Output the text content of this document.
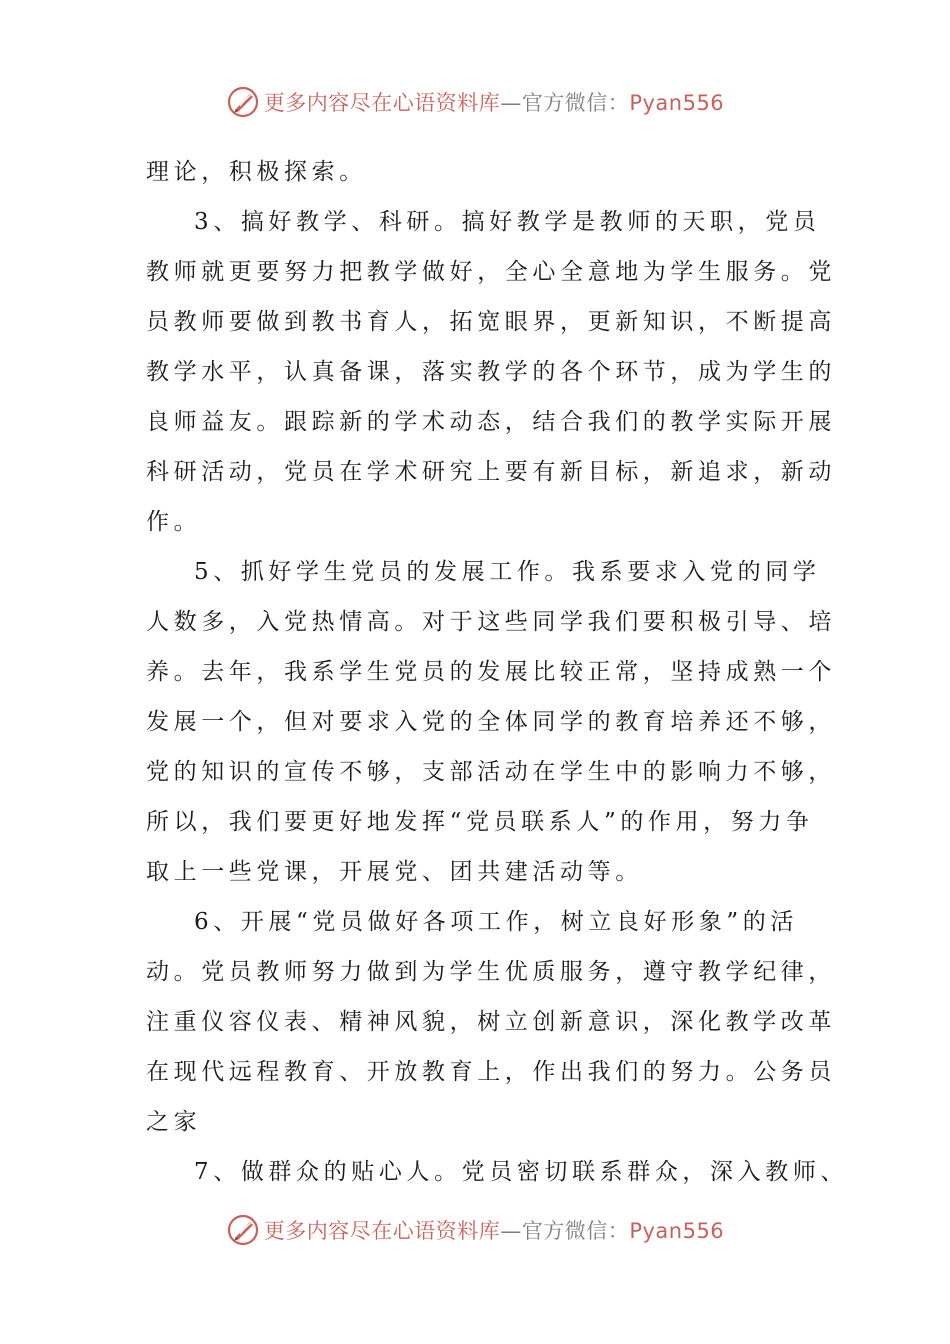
更多内容尽在心语资料库—官方微信：Pyan556
理论，积极探索。
3、搞好教学、科研。搞好教学是教师的天职，党员
教师就更要努力把教学做好，全心全意地为学生服务。党
员教师要做到教书育人，拓宽眼界，更新知识，不断提高
教学水平，认真备课，落实教学的各个环节，成为学生的
良师益友。跟踪新的学术动态，结合我们的教学实际开展
科研活动，党员在学术研究上要有新目标，新追求，新动
作。
5、抓好学生党员的发展工作。我系要求入党的同学
人数多，入党热情高。对于这些同学我们要积极引导、培
养。去年，我系学生党员的发展比较正常，坚持成熟一个
发展一个，但对要求入党的全体同学的教育培养还不够，
党的知识的宣传不够，支部活动在学生中的影响力不够，
所以，我们要更好地发挥“党员联系人”的作用，努力争
取上一些党课，开展党、团共建活动等。
6、开展“党员做好各项工作，树立良好形象”的活
动。党员教师努力做到为学生优质服务，遵守教学纪律，
注重仪容仪表、精神风貌，树立创新意识，深化教学改革
在现代远程教育、开放教育上，作出我们的努力。公务员
之家
7、做群众的贴心人。党员密切联系群众，深入教师、
更多内容尽在心语资料库—官方微信：Pyan556
